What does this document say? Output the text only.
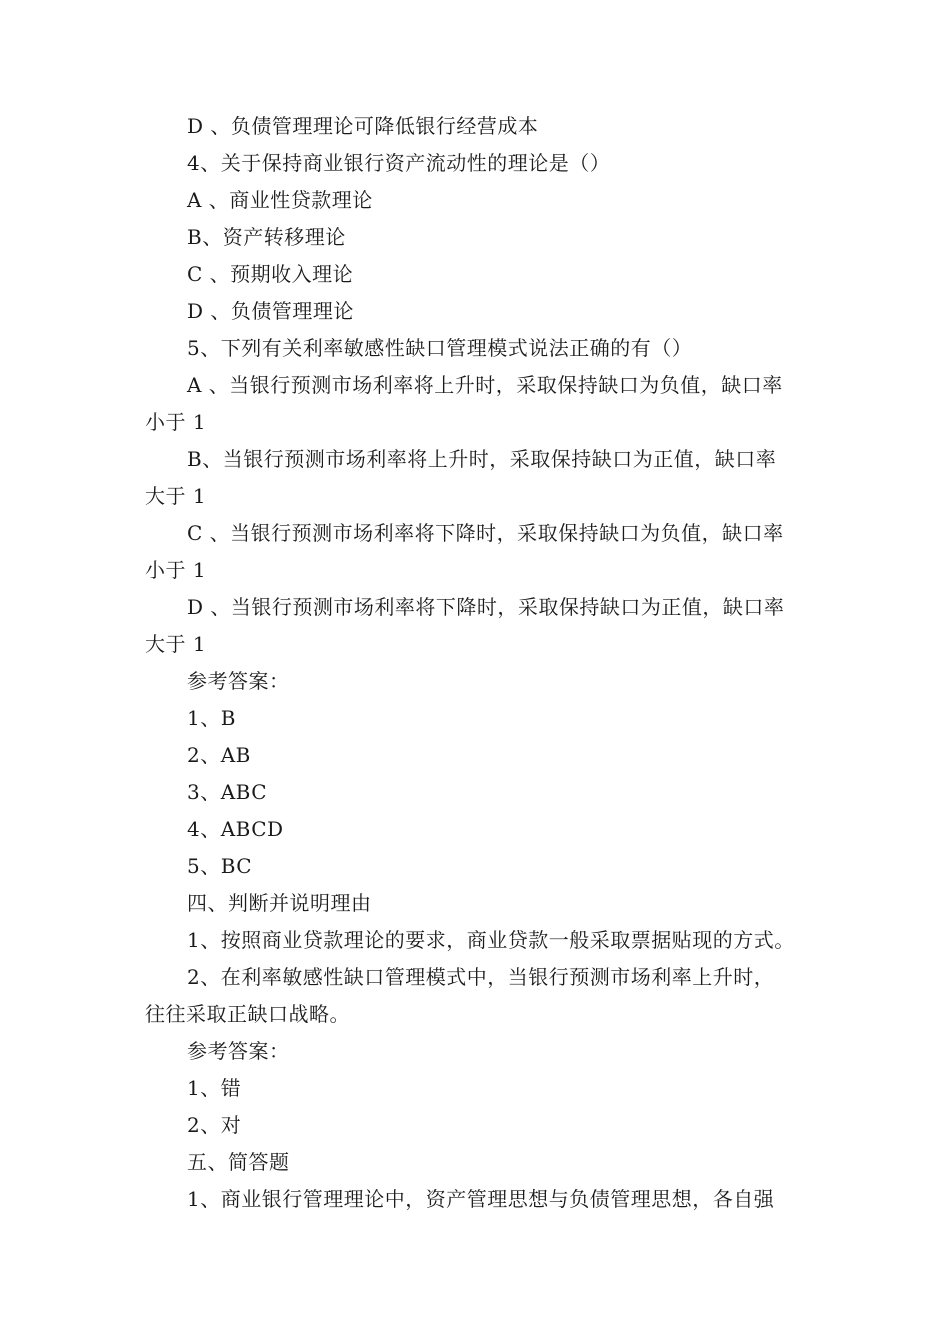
D 、负债管理理论可降低银行经营成本
4、关于保持商业银行资产流动性的理论是（）
A 、商业性贷款理论
B、资产转移理论
C 、预期收入理论
D 、负债管理理论
5、下列有关利率敏感性缺口管理模式说法正确的有（）
A 、当银行预测市场利率将上升时，采取保持缺口为负值，缺口率
小于 1
B、当银行预测市场利率将上升时，采取保持缺口为正值，缺口率
大于 1
C 、当银行预测市场利率将下降时，采取保持缺口为负值，缺口率
小于 1
D 、当银行预测市场利率将下降时，采取保持缺口为正值，缺口率
大于 1
参考答案：
1、B
2、AB
3、ABC
4、ABCD
5、BC
四、判断并说明理由
1、按照商业贷款理论的要求，商业贷款一般采取票据贴现的方式。
2、在利率敏感性缺口管理模式中，当银行预测市场利率上升时，
往往采取正缺口战略。
参考答案：
1、错
2、对
五、简答题
1、商业银行管理理论中，资产管理思想与负债管理思想，各自强
